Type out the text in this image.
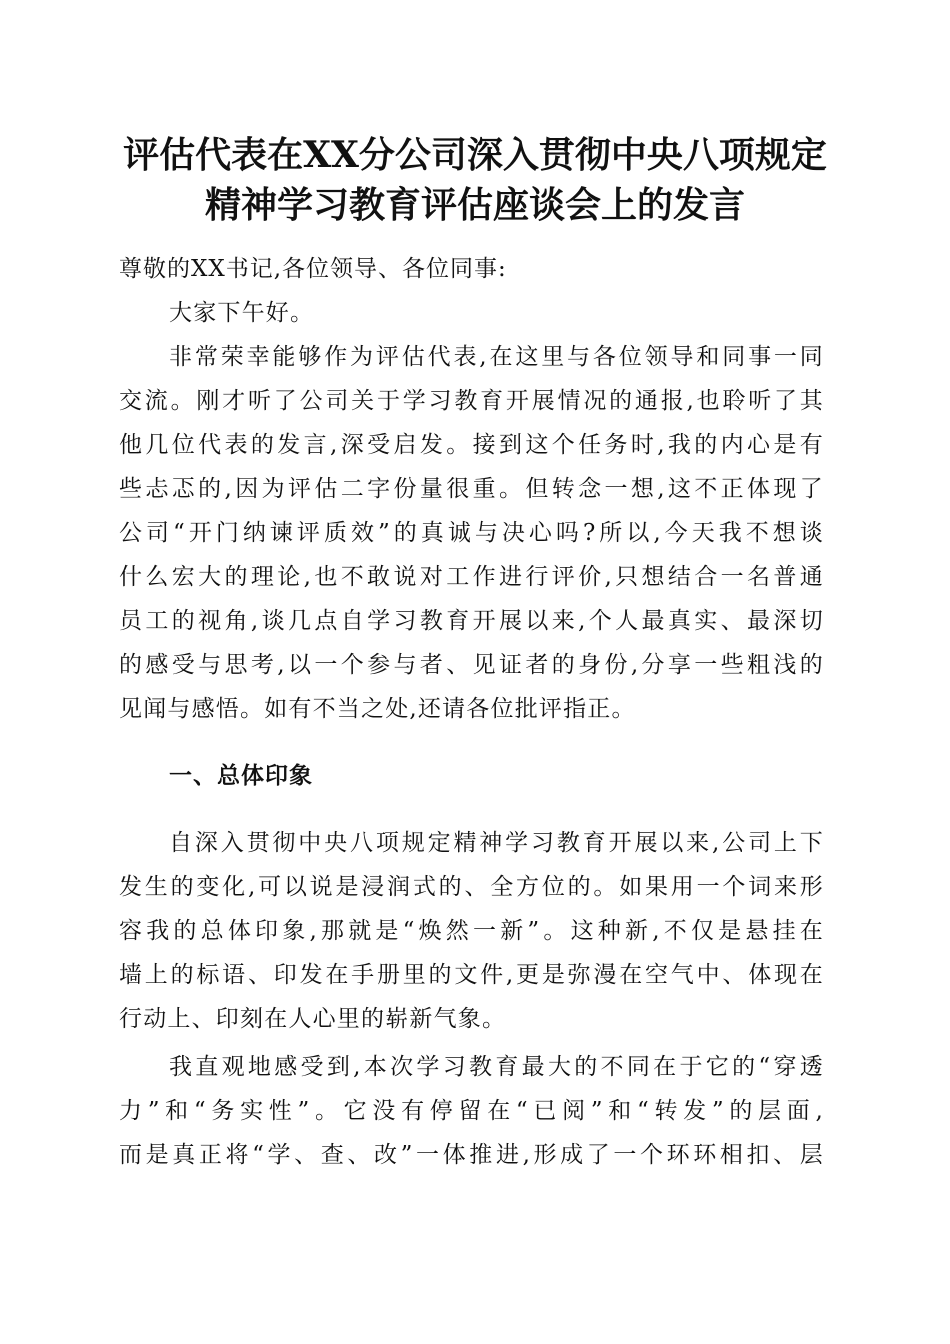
评估代表在XX分公司深入贯彻中央八项规定
精神学习教育评估座谈会上的发言

尊敬的XX书记,各位领导、各位同事:

大家下午好。

非常荣幸能够作为评估代表,在这里与各位领导和同事一同

交流。刚才听了公司关于学习教育开展情况的通报,也聆听了其

他几位代表的发言,深受启发。接到这个任务时,我的内心是有

些忐忑的,因为评估二字份量很重。但转念一想,这不正体现了

公司“开门纳谏评质效”的真诚与决心吗?所以,今天我不想谈

什么宏大的理论,也不敢说对工作进行评价,只想结合一名普通

员工的视角,谈几点自学习教育开展以来,个人最真实、最深切

的感受与思考,以一个参与者、见证者的身份,分享一些粗浅的

见闻与感悟。如有不当之处,还请各位批评指正。

一、总体印象

自深入贯彻中央八项规定精神学习教育开展以来,公司上下

发生的变化,可以说是浸润式的、全方位的。如果用一个词来形

容我的总体印象,那就是“焕然一新”。这种新,不仅是悬挂在

墙上的标语、印发在手册里的文件,更是弥漫在空气中、体现在

行动上、印刻在人心里的崭新气象。

我直观地感受到,本次学习教育最大的不同在于它的“穿透

力”和“务实性”。它没有停留在“已阅”和“转发”的层面,

而是真正将“学、查、改”一体推进,形成了一个环环相扣、层
